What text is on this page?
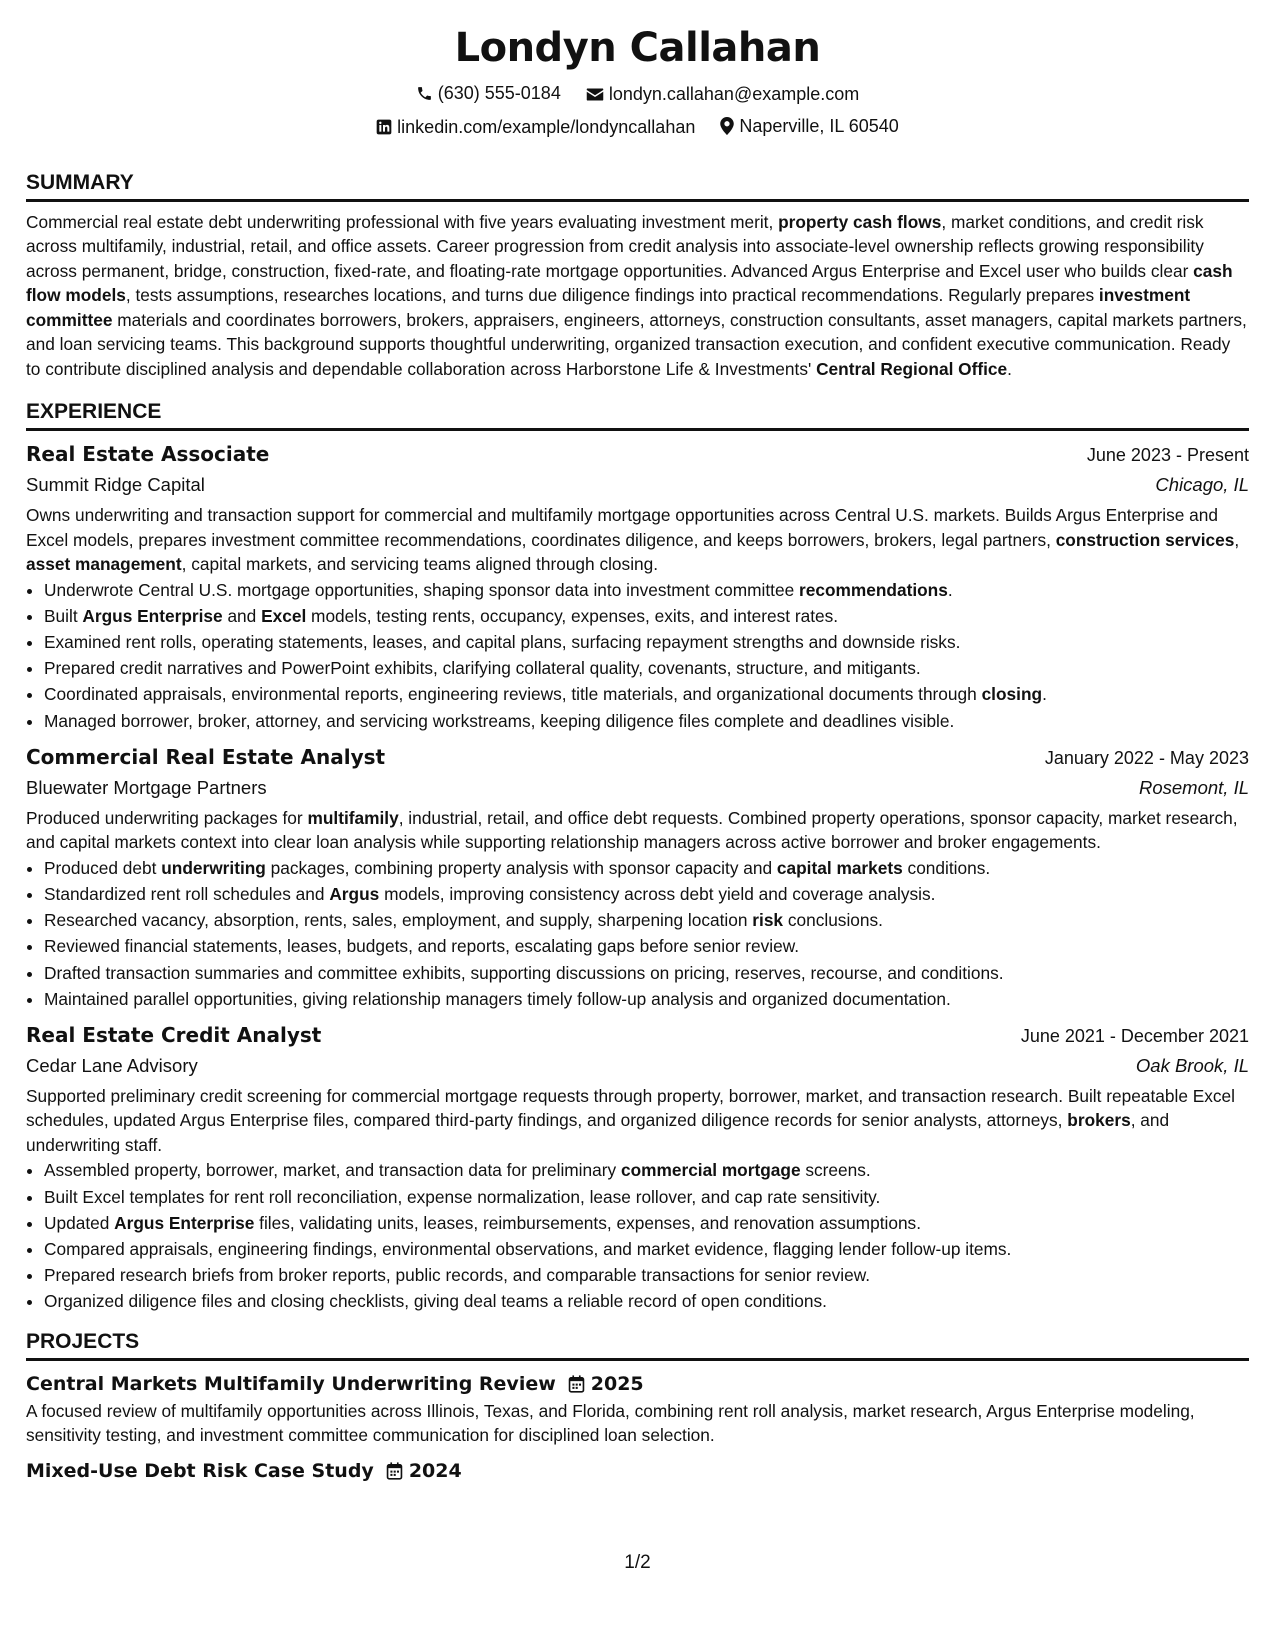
Londyn Callahan
(630) 555-0184
	londyn.callahan@example.com
linkedin.com/example/londyncallahan
Naperville, IL 60540
SUMMARY
Commercial real estate debt underwriting professional with five years evaluating investment merit, property cash flows, market conditions, and credit risk across multifamily, industrial, retail, and office assets. Career progression from credit analysis into associate-level ownership reflects growing responsibility across permanent, bridge, construction, fixed-rate, and floating-rate mortgage opportunities. Advanced Argus Enterprise and Excel user who builds clear cash flow models, tests assumptions, researches locations, and turns due diligence findings into practical recommendations. Regularly prepares investment committee materials and coordinates borrowers, brokers, appraisers, engineers, attorneys, construction consultants, asset managers, capital markets partners, and loan servicing teams. This background supports thoughtful underwriting, organized transaction execution, and confident executive communication. Ready to contribute disciplined analysis and dependable collaboration across Harborstone Life & Investments' Central Regional Office.
EXPERIENCE
Real Estate Associate	June 2023 - Present
Summit Ridge Capital	Chicago, IL
Owns underwriting and transaction support for commercial and multifamily mortgage opportunities across Central U.S. markets. Builds Argus Enterprise and Excel models, prepares investment committee recommendations, coordinates diligence, and keeps borrowers, brokers, legal partners, construction services, asset management, capital markets, and servicing teams aligned through closing.
• Underwrote Central U.S. mortgage opportunities, shaping sponsor data into investment committee recommendations.
• Built Argus Enterprise and Excel models, testing rents, occupancy, expenses, exits, and interest rates.
• Examined rent rolls, operating statements, leases, and capital plans, surfacing repayment strengths and downside risks.
• Prepared credit narratives and PowerPoint exhibits, clarifying collateral quality, covenants, structure, and mitigants.
• Coordinated appraisals, environmental reports, engineering reviews, title materials, and organizational documents through closing.
• Managed borrower, broker, attorney, and servicing workstreams, keeping diligence files complete and deadlines visible.
Commercial Real Estate Analyst	January 2022 - May 2023
Bluewater Mortgage Partners	Rosemont, IL
Produced underwriting packages for multifamily, industrial, retail, and office debt requests. Combined property operations, sponsor capacity, market research, and capital markets context into clear loan analysis while supporting relationship managers across active borrower and broker engagements.
• Produced debt underwriting packages, combining property analysis with sponsor capacity and capital markets conditions.
• Standardized rent roll schedules and Argus models, improving consistency across debt yield and coverage analysis.
• Researched vacancy, absorption, rents, sales, employment, and supply, sharpening location risk conclusions.
• Reviewed financial statements, leases, budgets, and reports, escalating gaps before senior review.
• Drafted transaction summaries and committee exhibits, supporting discussions on pricing, reserves, recourse, and conditions.
• Maintained parallel opportunities, giving relationship managers timely follow-up analysis and organized documentation.
Real Estate Credit Analyst	June 2021 - December 2021
Cedar Lane Advisory	Oak Brook, IL
Supported preliminary credit screening for commercial mortgage requests through property, borrower, market, and transaction research. Built repeatable Excel schedules, updated Argus Enterprise files, compared third-party findings, and organized diligence records for senior analysts, attorneys, brokers, and underwriting staff.
• Assembled property, borrower, market, and transaction data for preliminary commercial mortgage screens.
• Built Excel templates for rent roll reconciliation, expense normalization, lease rollover, and cap rate sensitivity.
• Updated Argus Enterprise files, validating units, leases, reimbursements, expenses, and renovation assumptions.
• Compared appraisals, engineering findings, environmental observations, and market evidence, flagging lender follow-up items.
• Prepared research briefs from broker reports, public records, and comparable transactions for senior review.
• Organized diligence files and closing checklists, giving deal teams a reliable record of open conditions.
PROJECTS
Central Markets Multifamily Underwriting Review 2025
A focused review of multifamily opportunities across Illinois, Texas, and Florida, combining rent roll analysis, market research, Argus Enterprise modeling, sensitivity testing, and investment committee communication for disciplined loan selection.
Mixed-Use Debt Risk Case Study 2024
1/2
